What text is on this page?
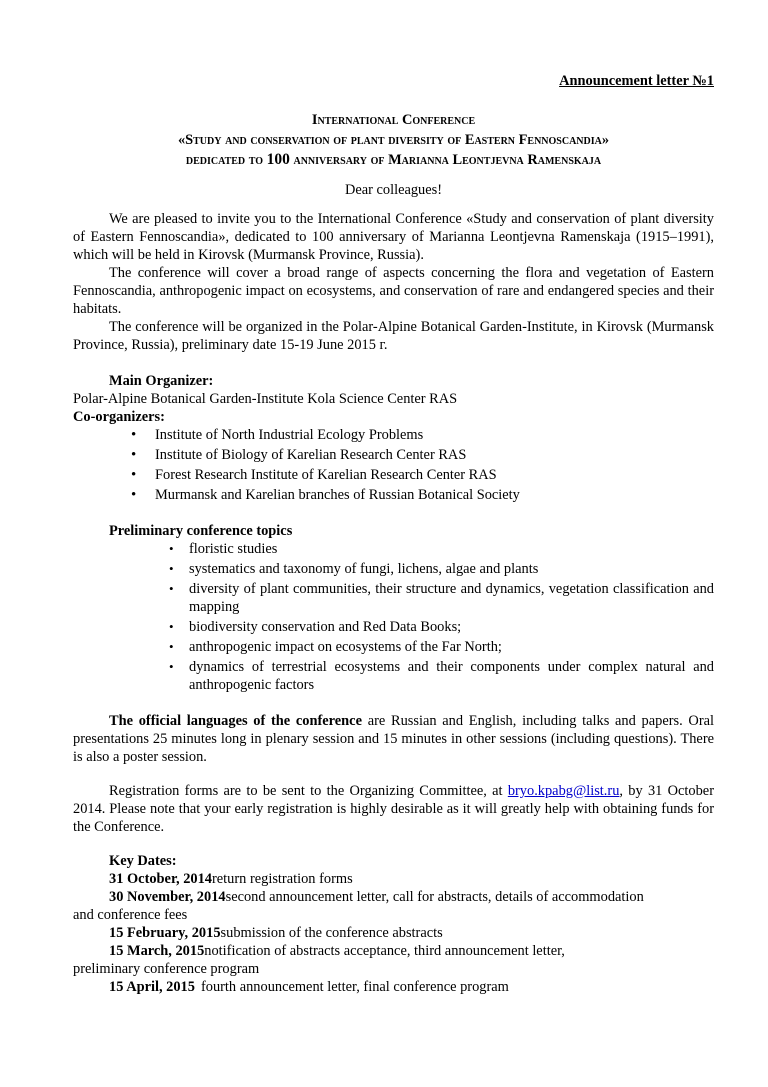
Announcement letter №1

International Conference

«Study and conservation of plant diversity of Eastern Fennoscandia»

dedicated to 100 anniversary of Marianna Leontjevna Ramenskaja

Dear colleagues!

We are pleased to invite you to the International Conference «Study and conservation of plant diversity of Eastern Fennoscandia», dedicated to 100 anniversary of Marianna Leontjevna Ramenskaja (1915–1991), which will be held in Kirovsk (Murmansk Province, Russia).

The conference will cover a broad range of aspects concerning the flora and vegetation of Eastern Fennoscandia, anthropogenic impact on ecosystems, and conservation of rare and endangered species and their habitats.

The conference will be organized in the Polar-Alpine Botanical Garden-Institute, in Kirovsk (Murmansk Province, Russia), preliminary date 15-19 June 2015 г.

Main Organizer:

Polar-Alpine Botanical Garden-Institute Kola Science Center RAS

Co-organizers:

• Institute of North Industrial Ecology Problems
• Institute of Biology of Karelian Research Center RAS
• Forest Research Institute of Karelian Research Center RAS
• Murmansk and Karelian branches of Russian Botanical Society

Preliminary conference topics

• floristic studies
• systematics and taxonomy of fungi, lichens, algae and plants
• diversity of plant communities, their structure and dynamics, vegetation classification and mapping
• biodiversity conservation and Red Data Books;
• anthropogenic impact on ecosystems of the Far North;
• dynamics of terrestrial ecosystems and their components under complex natural and anthropogenic factors

The official languages of the conference are Russian and English, including talks and papers. Oral presentations 25 minutes long in plenary session and 15 minutes in other sessions (including questions). There is also a poster session.

Registration forms are to be sent to the Organizing Committee, at bryo.kpabg@list.ru, by 31 October 2014. Please note that your early registration is highly desirable as it will greatly help with obtaining funds for the Conference.

Key Dates:

31 October, 2014return registration forms
30 November, 2014second announcement letter, call for abstracts, details of accommodation

and conference fees

15 February, 2015submission of the conference abstracts
15 March, 2015notification of abstracts acceptance, third announcement letter,

preliminary conference program

15 April, 2015 fourth announcement letter, final conference program
